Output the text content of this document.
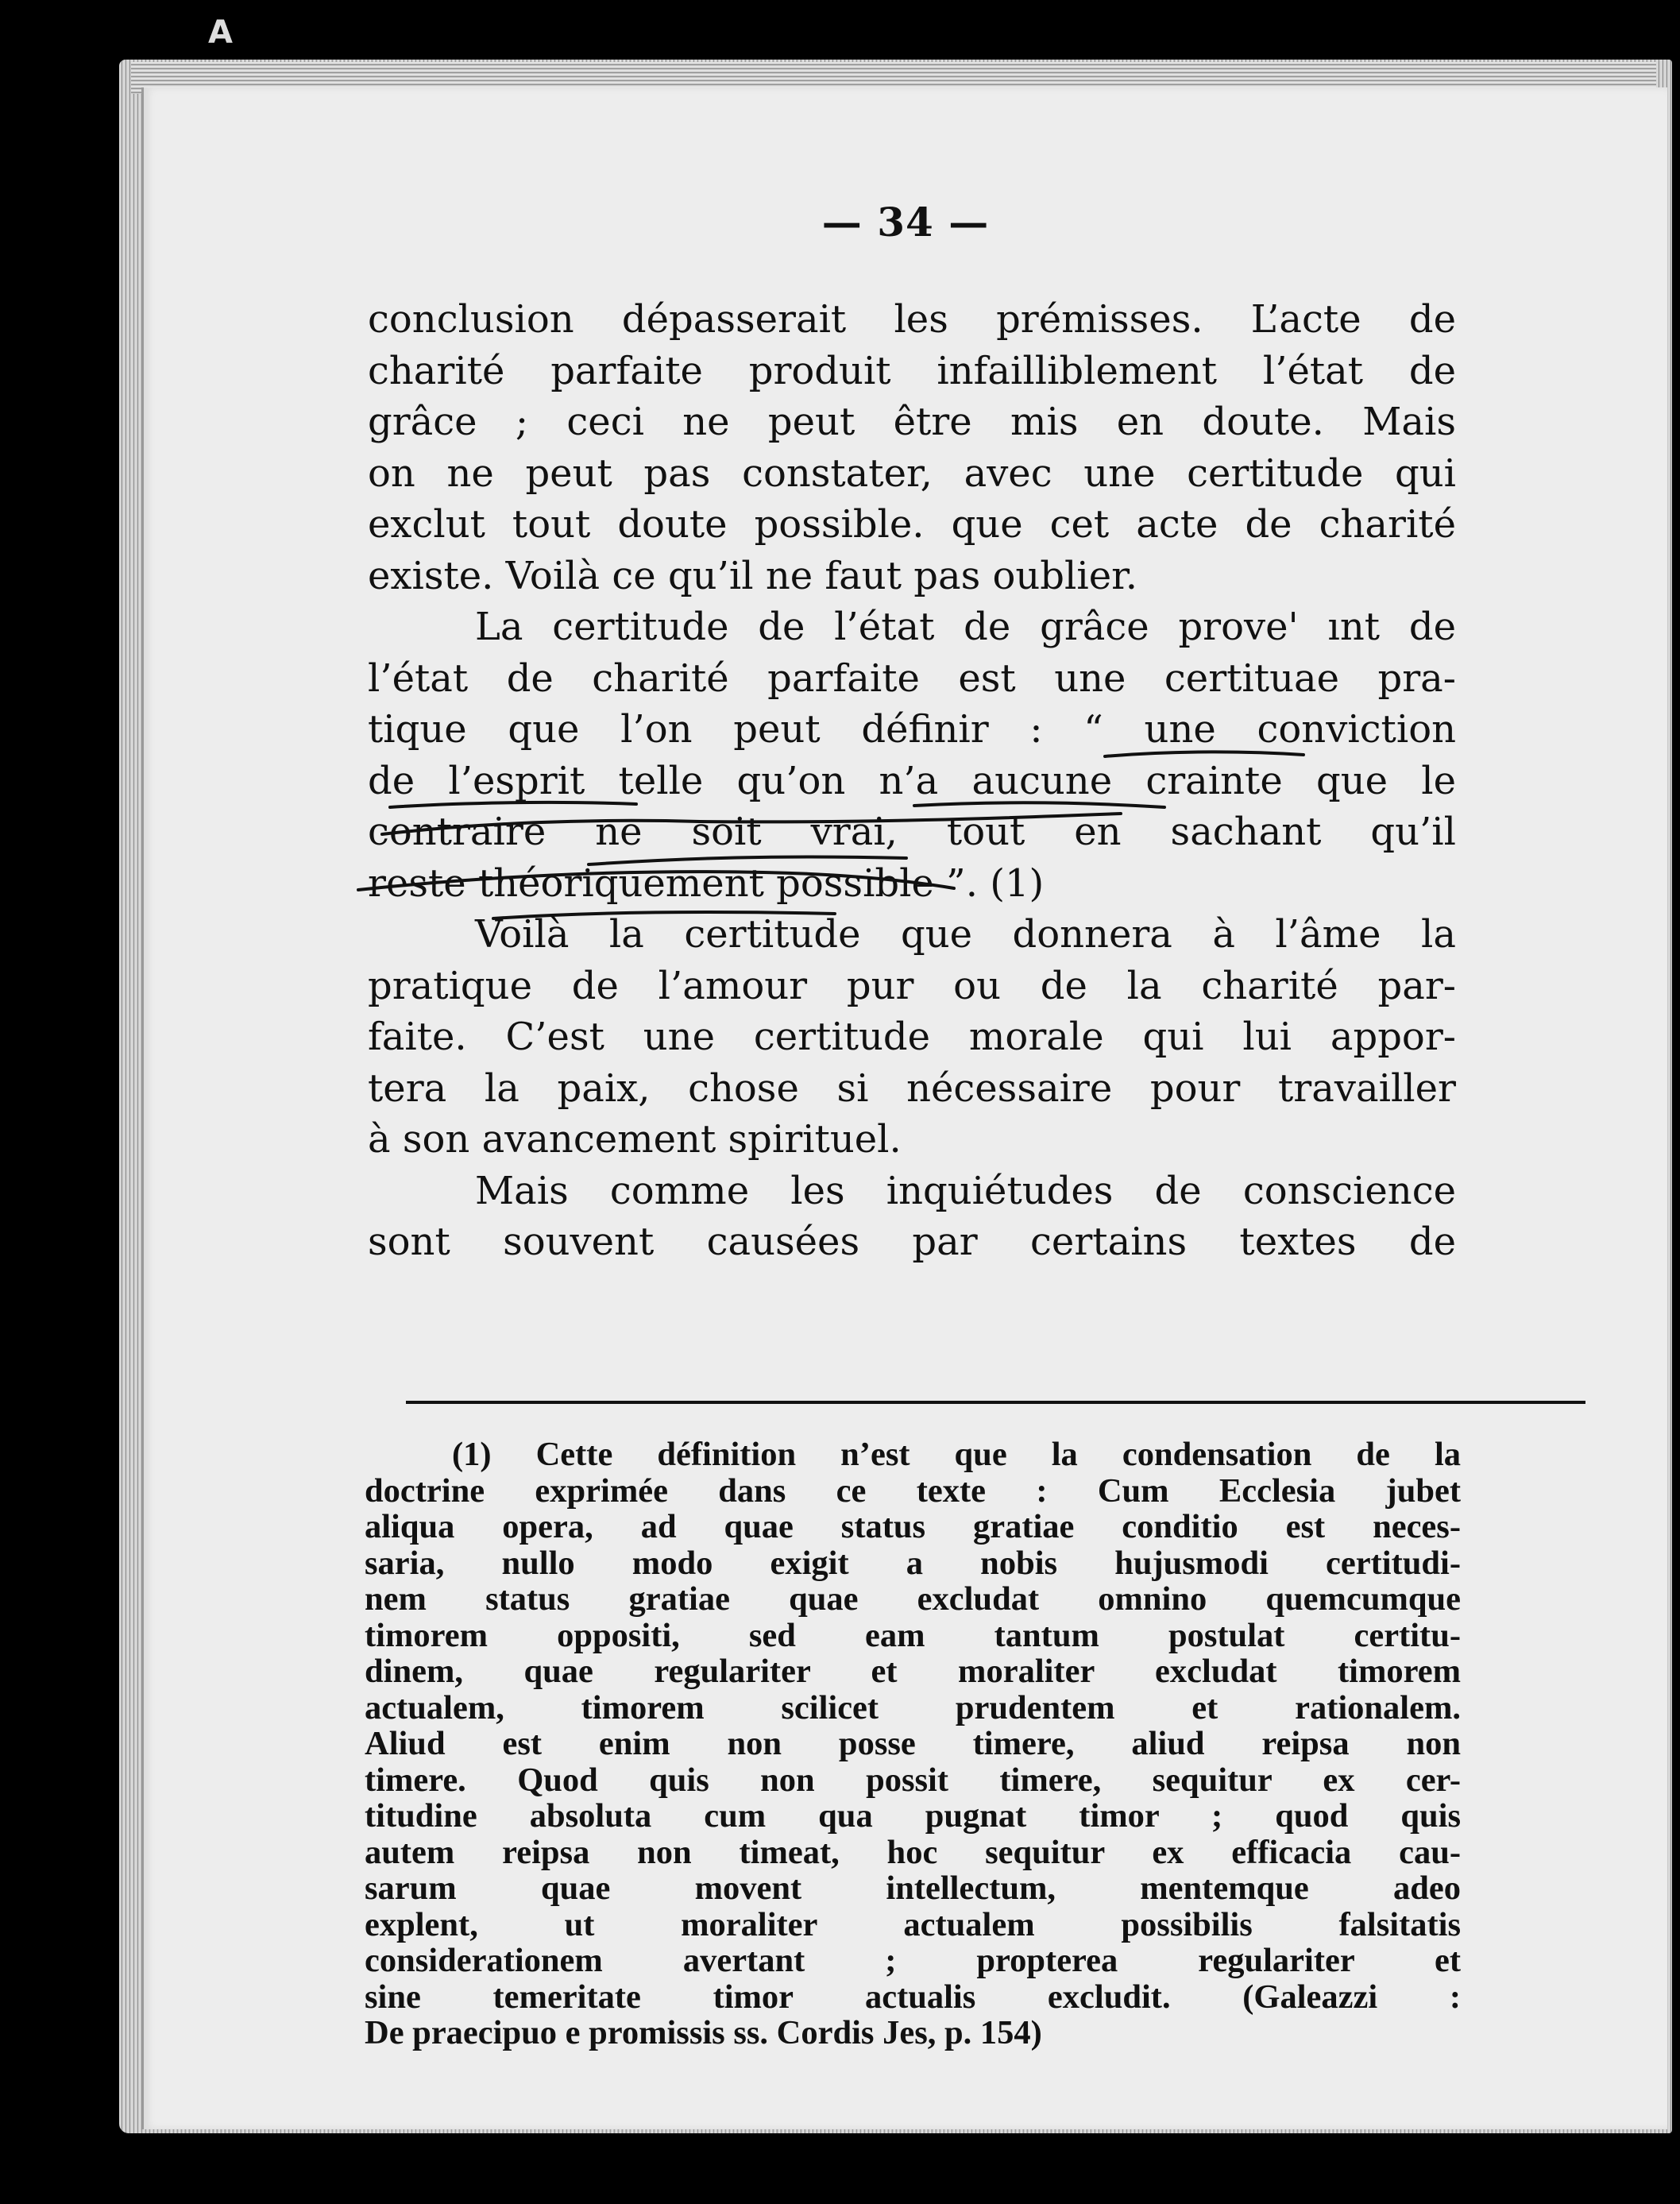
A
— 34 —
conclusion dépasserait les prémisses. L’acte de
charité parfaite produit infailliblement l’état de
grâce ; ceci ne peut être mis en doute. Mais
on ne peut pas constater, avec une certitude qui
exclut tout doute possible. que cet acte de charité
existe. Voilà ce qu’il ne faut pas oublier.
La certitude de l’état de grâce prove' ınt de
l’état de charité parfaite est une certituae pra-
tique que l’on peut définir : “ une conviction
de l’esprit telle qu’on n’a aucune crainte que le
contraire ne soit vrai, tout en sachant qu’il
reste théoriquement possible ”. (1)
Voilà la certitude que donnera à l’âme la
pratique de l’amour pur ou de la charité par-
faite. C’est une certitude morale qui lui appor-
tera la paix, chose si nécessaire pour travailler
à son avancement spirituel.
Mais comme les inquiétudes de conscience
sont souvent causées par certains textes de
(1) Cette définition n’est que la condensation de la
doctrine exprimée dans ce texte : Cum Ecclesia jubet
aliqua opera, ad quae status gratiae conditio est neces-
saria, nullo modo exigit a nobis hujusmodi certitudi-
nem status gratiae quae excludat omnino quemcumque
timorem oppositi, sed eam tantum postulat certitu-
dinem, quae regulariter et moraliter excludat timorem
actualem, timorem scilicet prudentem et rationalem.
Aliud est enim non posse timere, aliud reipsa non
timere. Quod quis non possit timere, sequitur ex cer-
titudine absoluta cum qua pugnat timor ; quod quis
autem reipsa non timeat, hoc sequitur ex efficacia cau-
sarum quae movent intellectum, mentemque adeo
explent, ut moraliter actualem possibilis falsitatis
considerationem avertant ; propterea regulariter et
sine temeritate timor actualis excludit. (Galeazzi :
De praecipuo e promissis ss. Cordis Jes, p. 154)
